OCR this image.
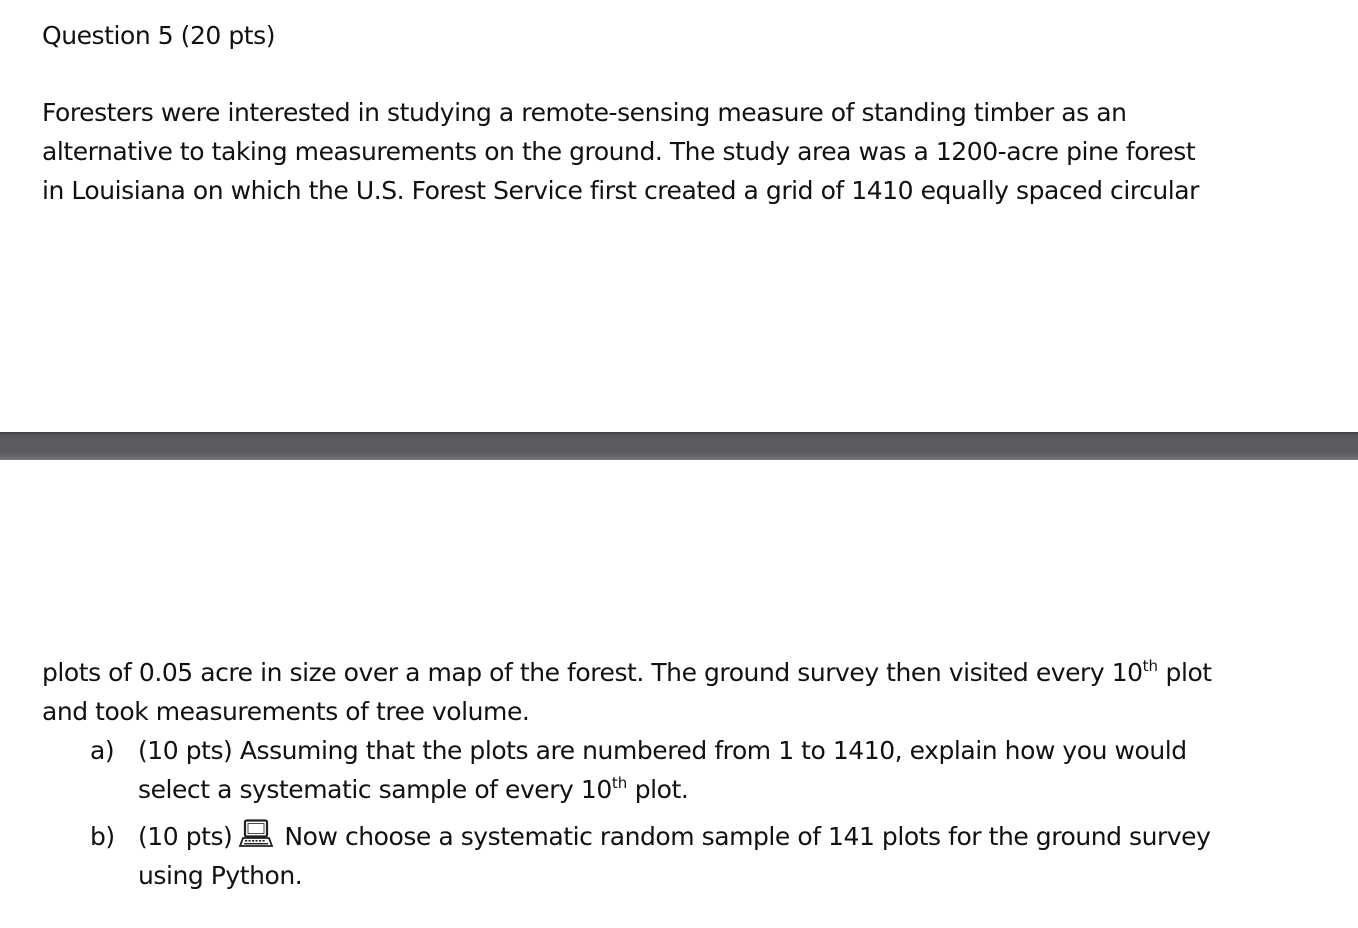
Question 5 (20 pts)
Foresters were interested in studying a remote-sensing measure of standing timber as an
alternative to taking measurements on the ground. The study area was a 1200-acre pine forest
in Louisiana on which the U.S. Forest Service first created a grid of 1410 equally spaced circular
plots of 0.05 acre in size over a map of the forest. The ground survey then visited every 10th plot
and took measurements of tree volume.
a) (10 pts) Assuming that the plots are numbered from 1 to 1410, explain how you would
select a systematic sample of every 10th plot.
b) (10 pts) Now choose a systematic random sample of 141 plots for the ground survey
using Python.
